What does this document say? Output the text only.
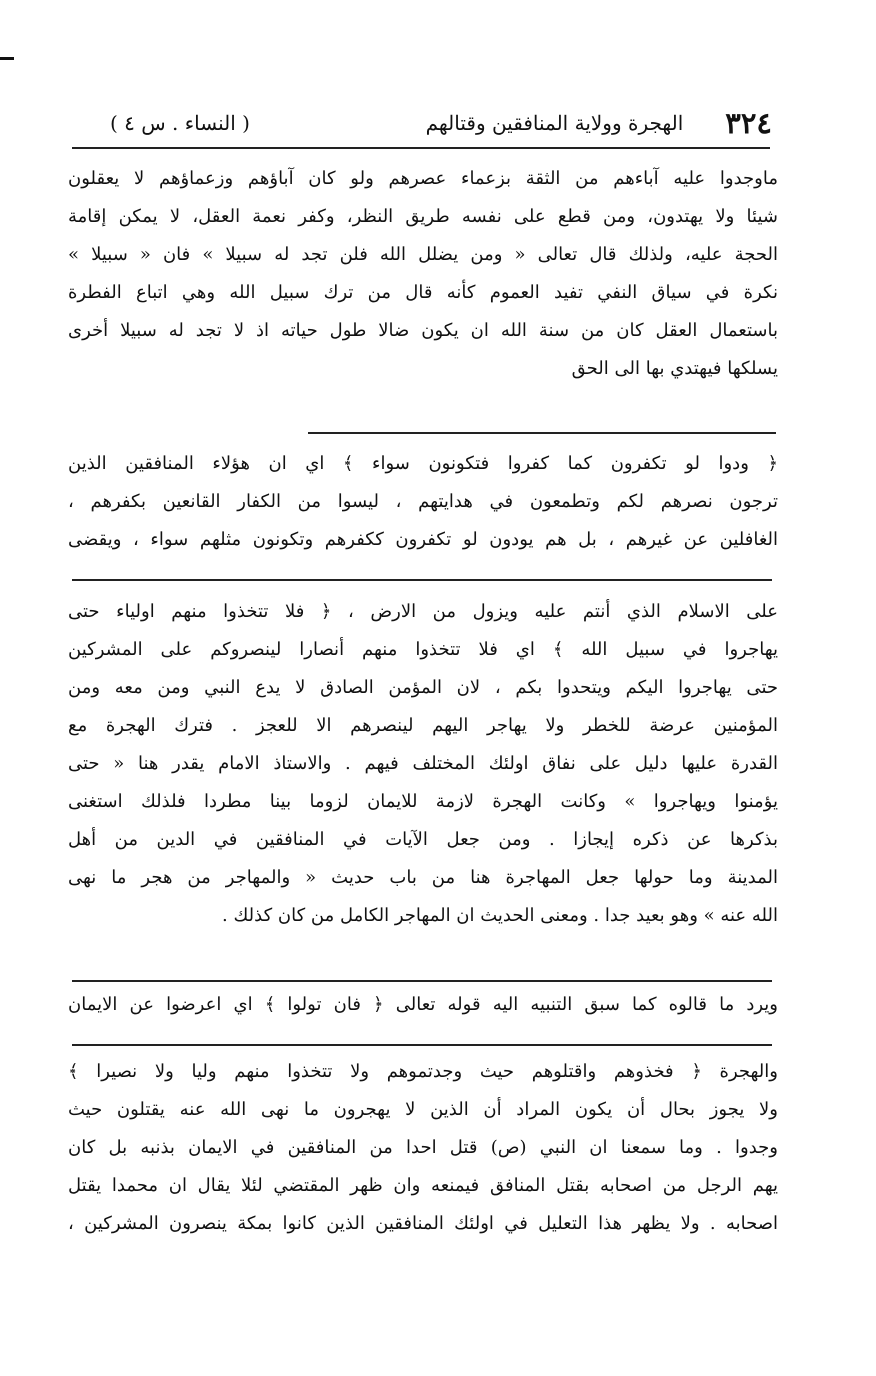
٣٢٤
الهجرة وولاية المنافقين وقتالهم
( النساء . س ٤ )
ماوجدوا عليه آباءهم من الثقة بزعماء عصرهم ولو كان آباؤهم وزعماؤهم لا يعقلون
شيئا ولا يهتدون، ومن قطع على نفسه طريق النظر، وكفر نعمة العقل، لا يمكن إقامة
الحجة عليه، ولذلك قال تعالى « ومن يضلل الله فلن تجد له سبيلا » فان « سبيلا »
نكرة في سياق النفي تفيد العموم كأنه قال من ترك سبيل الله وهي اتباع الفطرة
باستعمال العقل كان من سنة الله ان يكون ضالا طول حياته اذ لا تجد له سبيلا أخرى
يسلكها فيهتدي بها الى الحق
﴿ ودوا لو تكفرون كما كفروا فتكونون سواء ﴾ اي ان هؤلاء المنافقين الذين
ترجون نصرهم لكم وتطمعون في هدايتهم ، ليسوا من الكفار القانعين بكفرهم ،
الغافلين عن غيرهم ، بل هم يودون لو تكفرون ككفرهم وتكونون مثلهم سواء ، ويقضى
على الاسلام الذي أنتم عليه ويزول من الارض ، ﴿ فلا تتخذوا منهم اولياء حتى
يهاجروا في سبيل الله ﴾ اي فلا تتخذوا منهم أنصارا لينصروكم على المشركين
حتى يهاجروا اليكم ويتحدوا بكم ، لان المؤمن الصادق لا يدع النبي ومن معه ومن
المؤمنين عرضة للخطر ولا يهاجر اليهم لينصرهم الا للعجز . فترك الهجرة مع
القدرة عليها دليل على نفاق اولئك المختلف فيهم . والاستاذ الامام يقدر هنا « حتى
يؤمنوا ويهاجروا » وكانت الهجرة لازمة للايمان لزوما بينا مطردا فلذلك استغنى
بذكرها عن ذكره إيجازا . ومن جعل الآيات في المنافقين في الدين من أهل
المدينة وما حولها جعل المهاجرة هنا من باب حديث « والمهاجر من هجر ما نهى
الله عنه » وهو بعيد جدا . ومعنى الحديث ان المهاجر الكامل من كان كذلك .
ويرد ما قالوه كما سبق التنبيه اليه قوله تعالى ﴿ فان تولوا ﴾ اي اعرضوا عن الايمان
والهجرة ﴿ فخذوهم واقتلوهم حيث وجدتموهم ولا تتخذوا منهم وليا ولا نصيرا ﴾
ولا يجوز بحال أن يكون المراد أن الذين لا يهجرون ما نهى الله عنه يقتلون حيث
وجدوا . وما سمعنا ان النبي (ص) قتل احدا من المنافقين في الايمان بذنبه بل كان
يهم الرجل من اصحابه بقتل المنافق فيمنعه وان ظهر المقتضي لئلا يقال ان محمدا يقتل
اصحابه . ولا يظهر هذا التعليل في اولئك المنافقين الذين كانوا بمكة ينصرون المشركين ،
